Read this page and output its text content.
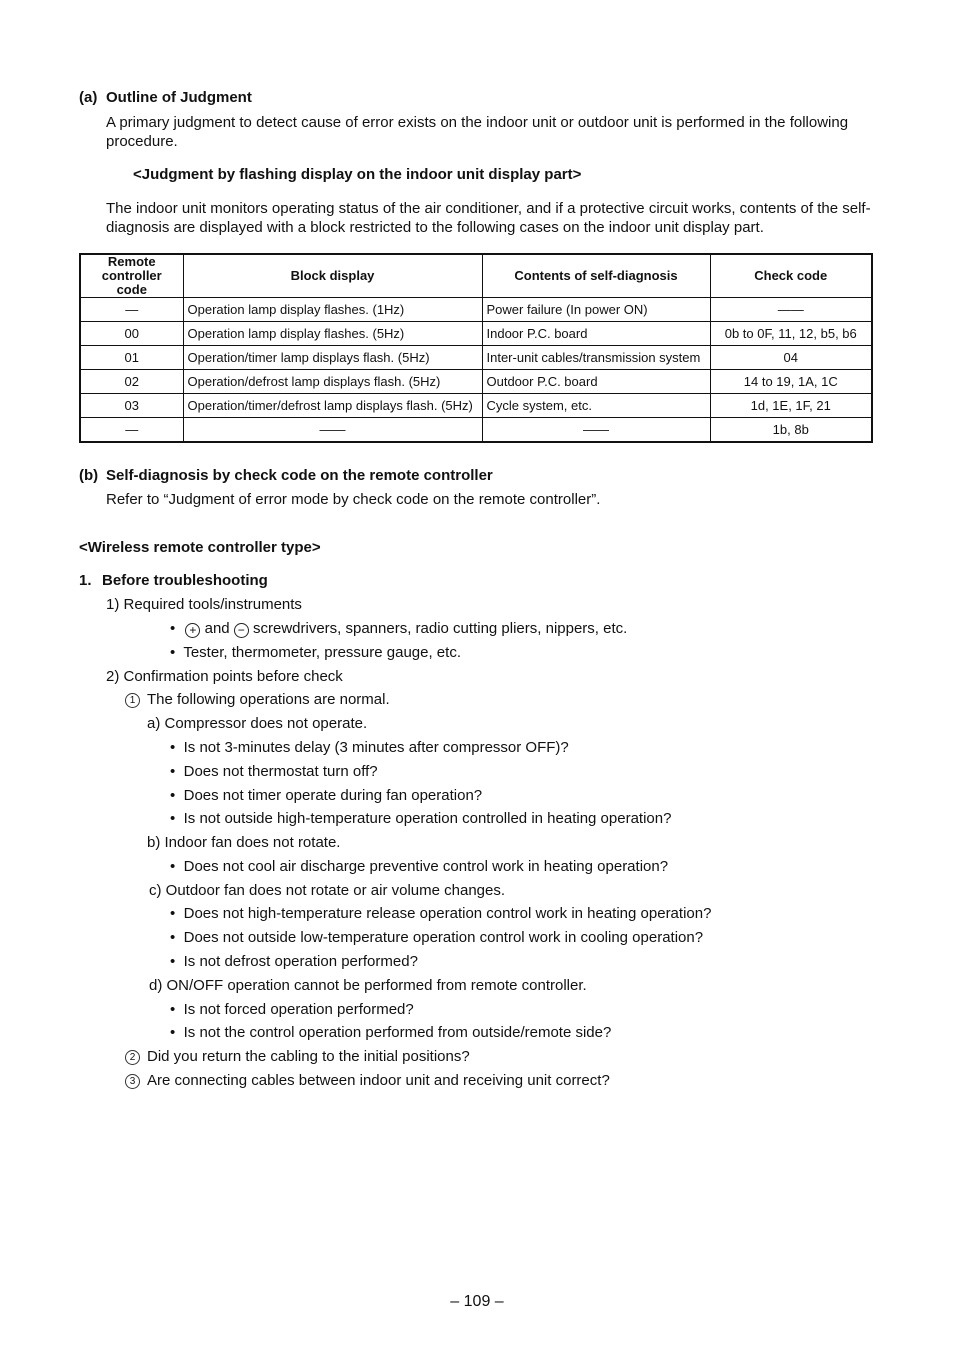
(a) Outline of Judgment
A primary judgment to detect cause of error exists on the indoor unit or outdoor unit is performed in the following procedure.
<Judgment by flashing display on the indoor unit display part>
The indoor unit monitors operating status of the air conditioner, and if a protective circuit works, contents of the self-diagnosis are displayed with a block restricted to the following cases on the indoor unit display part.
Remote controller code	Block display	Contents of self-diagnosis	Check code
—	Operation lamp display flashes. (1Hz)	Power failure (In power ON)	——
00	Operation lamp display flashes. (5Hz)	Indoor P.C. board	0b to 0F, 11, 12, b5, b6
01	Operation/timer lamp displays flash. (5Hz)	Inter-unit cables/transmission system	04
02	Operation/defrost lamp displays flash. (5Hz)	Outdoor P.C. board	14 to 19, 1A, 1C
03	Operation/timer/defrost lamp displays flash. (5Hz)	Cycle system, etc.	1d, 1E, 1F, 21
—	——	——	1b, 8b
(b) Self-diagnosis by check code on the remote controller
Refer to “Judgment of error mode by check code on the remote controller”.
<Wireless remote controller type>
1. Before troubleshooting
1) Required tools/instruments
• + and − screwdrivers, spanners, radio cutting pliers, nippers, etc.
• Tester, thermometer, pressure gauge, etc.
2) Confirmation points before check
1 The following operations are normal.
a) Compressor does not operate.
• Is not 3-minutes delay (3 minutes after compressor OFF)?
• Does not thermostat turn off?
• Does not timer operate during fan operation?
• Is not outside high-temperature operation controlled in heating operation?
b) Indoor fan does not rotate.
• Does not cool air discharge preventive control work in heating operation?
c) Outdoor fan does not rotate or air volume changes.
• Does not high-temperature release operation control work in heating operation?
• Does not outside low-temperature operation control work in cooling operation?
• Is not defrost operation performed?
d) ON/OFF operation cannot be performed from remote controller.
• Is not forced operation performed?
• Is not the control operation performed from outside/remote side?
2 Did you return the cabling to the initial positions?
3 Are connecting cables between indoor unit and receiving unit correct?
– 109 –
